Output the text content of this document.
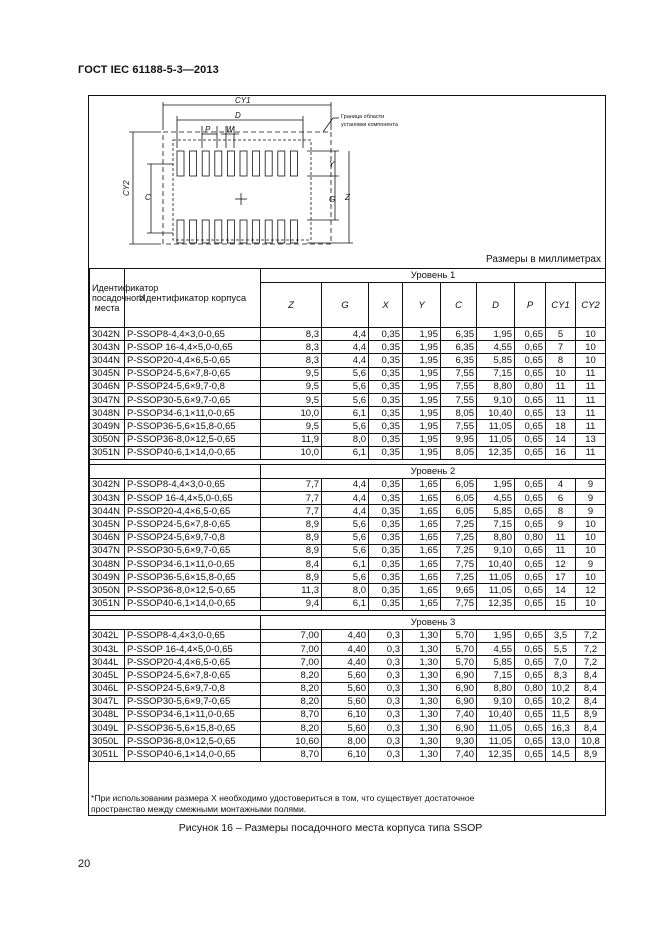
ГОСТ IEC 61188-5-3—2013
CY1
D
P W
Y
G Z
CY2
C
Граница области
установки компонента
Размеры в миллиметрах
Идентификатор посадочного места	Идентификатор корпуса	Уровень 1								
		Z	G	X	Y	C	D	P	CY1	CY2
3042N	P-SSOP8-4,4×3,0-0,65	8,3	4,4	0,35	1,95	6,35	1,95	0,65	5	10
3043N	P-SSOP 16-4,4×5,0-0,65	8,3	4,4	0,35	1,95	6,35	4,55	0,65	7	10
3044N	P-SSOP20-4,4×6,5-0,65	8,3	4,4	0,35	1,95	6,35	5,85	0,65	8	10
3045N	P-SSOP24-5,6×7,8-0,65	9,5	5,6	0,35	1,95	7,55	7,15	0,65	10	11
3046N	P-SSOP24-5,6×9,7-0,8	9,5	5,6	0,35	1,95	7,55	8,80	0,80	11	11
3047N	P-SSOP30-5,6×9,7-0,65	9,5	5,6	0,35	1,95	7,55	9,10	0,65	11	11
3048N	P-SSOP34-6,1×11,0-0,65	10,0	6,1	0,35	1,95	8,05	10,40	0,65	13	11
3049N	P-SSOP36-5,6×15,8-0,65	9,5	5,6	0,35	1,95	7,55	11,05	0,65	18	11
3050N	P-SSOP36-8,0×12,5-0,65	11,9	8,0	0,35	1,95	9,95	11,05	0,65	14	13
3051N	P-SSOP40-6,1×14,0-0,65	10,0	6,1	0,35	1,95	8,05	12,35	0,65	16	11

		Уровень 2								
3042N	P-SSOP8-4,4×3,0-0,65	7,7	4,4	0,35	1,65	6,05	1,95	0,65	4	9
3043N	P-SSOP 16-4,4×5,0-0,65	7,7	4,4	0,35	1,65	6,05	4,55	0,65	6	9
3044N	P-SSOP20-4,4×6,5-0,65	7,7	4,4	0,35	1,65	6,05	5,85	0,65	8	9
3045N	P-SSOP24-5,6×7,8-0,65	8,9	5,6	0,35	1,65	7,25	7,15	0,65	9	10
3046N	P-SSOP24-5,6×9,7-0,8	8,9	5,6	0,35	1,65	7,25	8,80	0,80	11	10
3047N	P-SSOP30-5,6×9,7-0,65	8,9	5,6	0,35	1,65	7,25	9,10	0,65	11	10
3048N	P-SSOP34-6,1×11,0-0,65	8,4	6,1	0,35	1,65	7,75	10,40	0,65	12	9
3049N	P-SSOP36-5,6×15,8-0,65	8,9	5,6	0,35	1,65	7,25	11,05	0,65	17	10
3050N	P-SSOP36-8,0×12,5-0,65	11,3	8,0	0,35	1,65	9,65	11,05	0,65	14	12
3051N	P-SSOP40-6,1×14,0-0,65	9,4	6,1	0,35	1,65	7,75	12,35	0,65	15	10

		Уровень 3								
3042L	P-SSOP8-4,4×3,0-0,65	7,00	4,40	0,3	1,30	5,70	1,95	0,65	3,5	7,2
3043L	P-SSOP 16-4,4×5,0-0,65	7,00	4,40	0,3	1,30	5,70	4,55	0,65	5,5	7,2
3044L	P-SSOP20-4,4×6,5-0,65	7,00	4,40	0,3	1,30	5,70	5,85	0,65	7,0	7,2
3045L	P-SSOP24-5,6×7,8-0,65	8,20	5,60	0,3	1,30	6,90	7,15	0,65	8,3	8,4
3046L	P-SSOP24-5,6×9,7-0,8	8,20	5,60	0,3	1,30	6,90	8,80	0,80	10,2	8,4
3047L	P-SSOP30-5,6×9,7-0,65	8,20	5,60	0,3	1,30	6,90	9,10	0,65	10,2	8,4
3048L	P-SSOP34-6,1×11,0-0,65	8,70	6,10	0,3	1,30	7,40	10,40	0,65	11,5	8,9
3049L	P-SSOP36-5,6×15,8-0,65	8,20	5,60	0,3	1,30	6,90	11,05	0,65	16,3	8,4
3050L	P-SSOP36-8,0×12,5-0,65	10,60	8,00	0,3	1,30	9,30	11,05	0,65	13,0	10,8
3051L	P-SSOP40-6,1×14,0-0,65	8,70	6,10	0,3	1,30	7,40	12,35	0,65	14,5	8,9
*При использовании размера X необходимо удостовериться в том, что существует достаточное
пространство между смежными монтажными полями.
Рисунок 16 – Размеры посадочного места корпуса типа SSOP
20
